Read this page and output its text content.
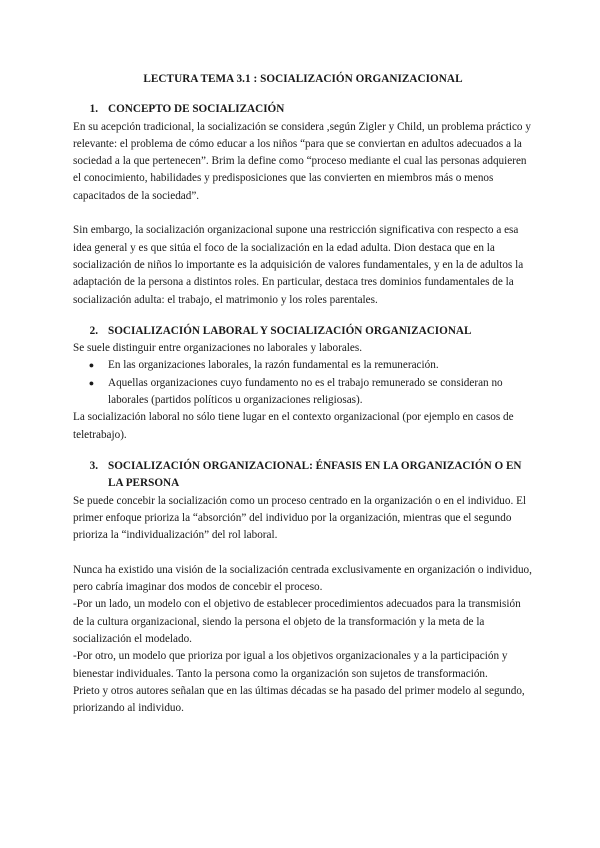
LECTURA TEMA 3.1 : SOCIALIZACIÓN ORGANIZACIONAL
1. CONCEPTO DE SOCIALIZACIÓN

En su acepción tradicional, la socialización se considera ,según Zigler y Child, un problema práctico y relevante: el problema de cómo educar a los niños “para que se conviertan en adultos adecuados a la sociedad a la que pertenecen”. Brim la define como “proceso mediante el cual las personas adquieren el conocimiento, habilidades y predisposiciones que las convierten en miembros más o menos capacitados de la sociedad”.

Sin embargo, la socialización organizacional supone una restricción significativa con respecto a esa idea general y es que sitúa el foco de la socialización en la edad adulta. Dion destaca que en la socialización de niños lo importante es la adquisición de valores fundamentales, y en la de adultos la adaptación de la persona a distintos roles. En particular, destaca tres dominios fundamentales de la socialización adulta: el trabajo, el matrimonio y los roles parentales.

2. SOCIALIZACIÓN LABORAL Y SOCIALIZACIÓN ORGANIZACIONAL

Se suele distinguir entre organizaciones no laborales y laborales.

●	En las organizaciones laborales, la razón fundamental es la remuneración.
●	Aquellas organizaciones cuyo fundamento no es el trabajo remunerado se consideran no laborales (partidos políticos u organizaciones religiosas).

La socialización laboral no sólo tiene lugar en el contexto organizacional (por ejemplo en casos de teletrabajo).

3. SOCIALIZACIÓN ORGANIZACIONAL: ÉNFASIS EN LA ORGANIZACIÓN O EN LA PERSONA

Se puede concebir la socialización como un proceso centrado en la organización o en el individuo. El primer enfoque prioriza la “absorción” del individuo por la organización, mientras que el segundo prioriza la “individualización” del rol laboral.

Nunca ha existido una visión de la socialización centrada exclusivamente en organización o individuo, pero cabría imaginar dos modos de concebir el proceso.

-Por un lado, un modelo con el objetivo de establecer procedimientos adecuados para la transmisión de la cultura organizacional, siendo la persona el objeto de la transformación y la meta de la socialización el modelado.

-Por otro, un modelo que prioriza por igual a los objetivos organizacionales y a la participación y bienestar individuales. Tanto la persona como la organización son sujetos de transformación.

Prieto y otros autores señalan que en las últimas décadas se ha pasado del primer modelo al segundo, priorizando al individuo.
